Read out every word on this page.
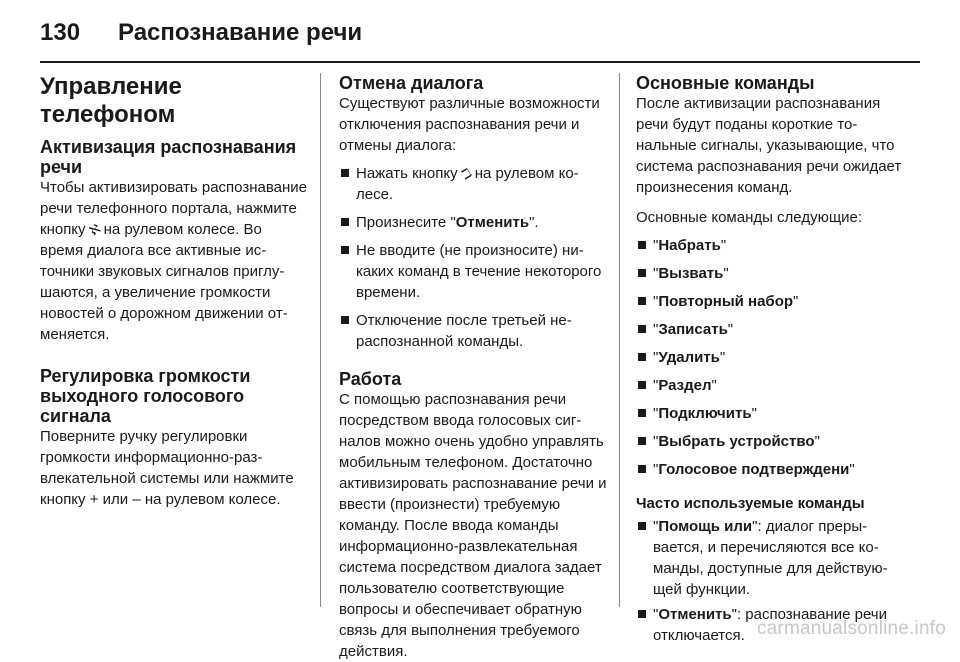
130	Распознавание речи
Управление телефоном
Активизация распознавания речи

Чтобы активизировать распознавание речи телефонного портала, нажмите кнопку ℵ на рулевом колесе. Во время диалога все активные источники звуковых сигналов приглушаются, а увеличение громкости новостей о дорожном движении отменяется.

Регулировка громкости выходного голосового сигнала

Поверните ручку регулировки громкости информационно-развлекательной системы или нажмите кнопку + или – на рулевом колесе.

Отмена диалога

Существуют различные возможности отключения распознавания речи и отмены диалога:

Нажать кнопку ℶ на рулевом колесе.
Произнесите "Отменить".
Не вводите (не произносите) никаких команд в течение некоторого времени.
Отключение после третьей нераспознанной команды.
Работа

С помощью распознавания речи посредством ввода голосовых сигналов можно очень удобно управлять мобильным телефоном. Достаточно активизировать распознавание речи и ввести (произнести) требуемую команду. После ввода команды информационно-развлекательная система посредством диалога задает пользователю соответствующие вопросы и обеспечивает обратную связь для выполнения требуемого действия.

Основные команды

После активизации распознавания речи будут поданы короткие тональные сигналы, указывающие, что система распознавания речи ожидает произнесения команд.

Основные команды следующие:

"Набрать"
"Вызвать"
"Повторный набор"
"Записать"
"Удалить"
"Раздел"
"Подключить"
"Выбрать устройство"
"Голосовое подтверждени"
Часто используемые команды
"Помощь или": диалог прерывается, и перечисляются все команды, доступные для действующей функции.
"Отменить": распознавание речи отключается. carmanualsonline.info
